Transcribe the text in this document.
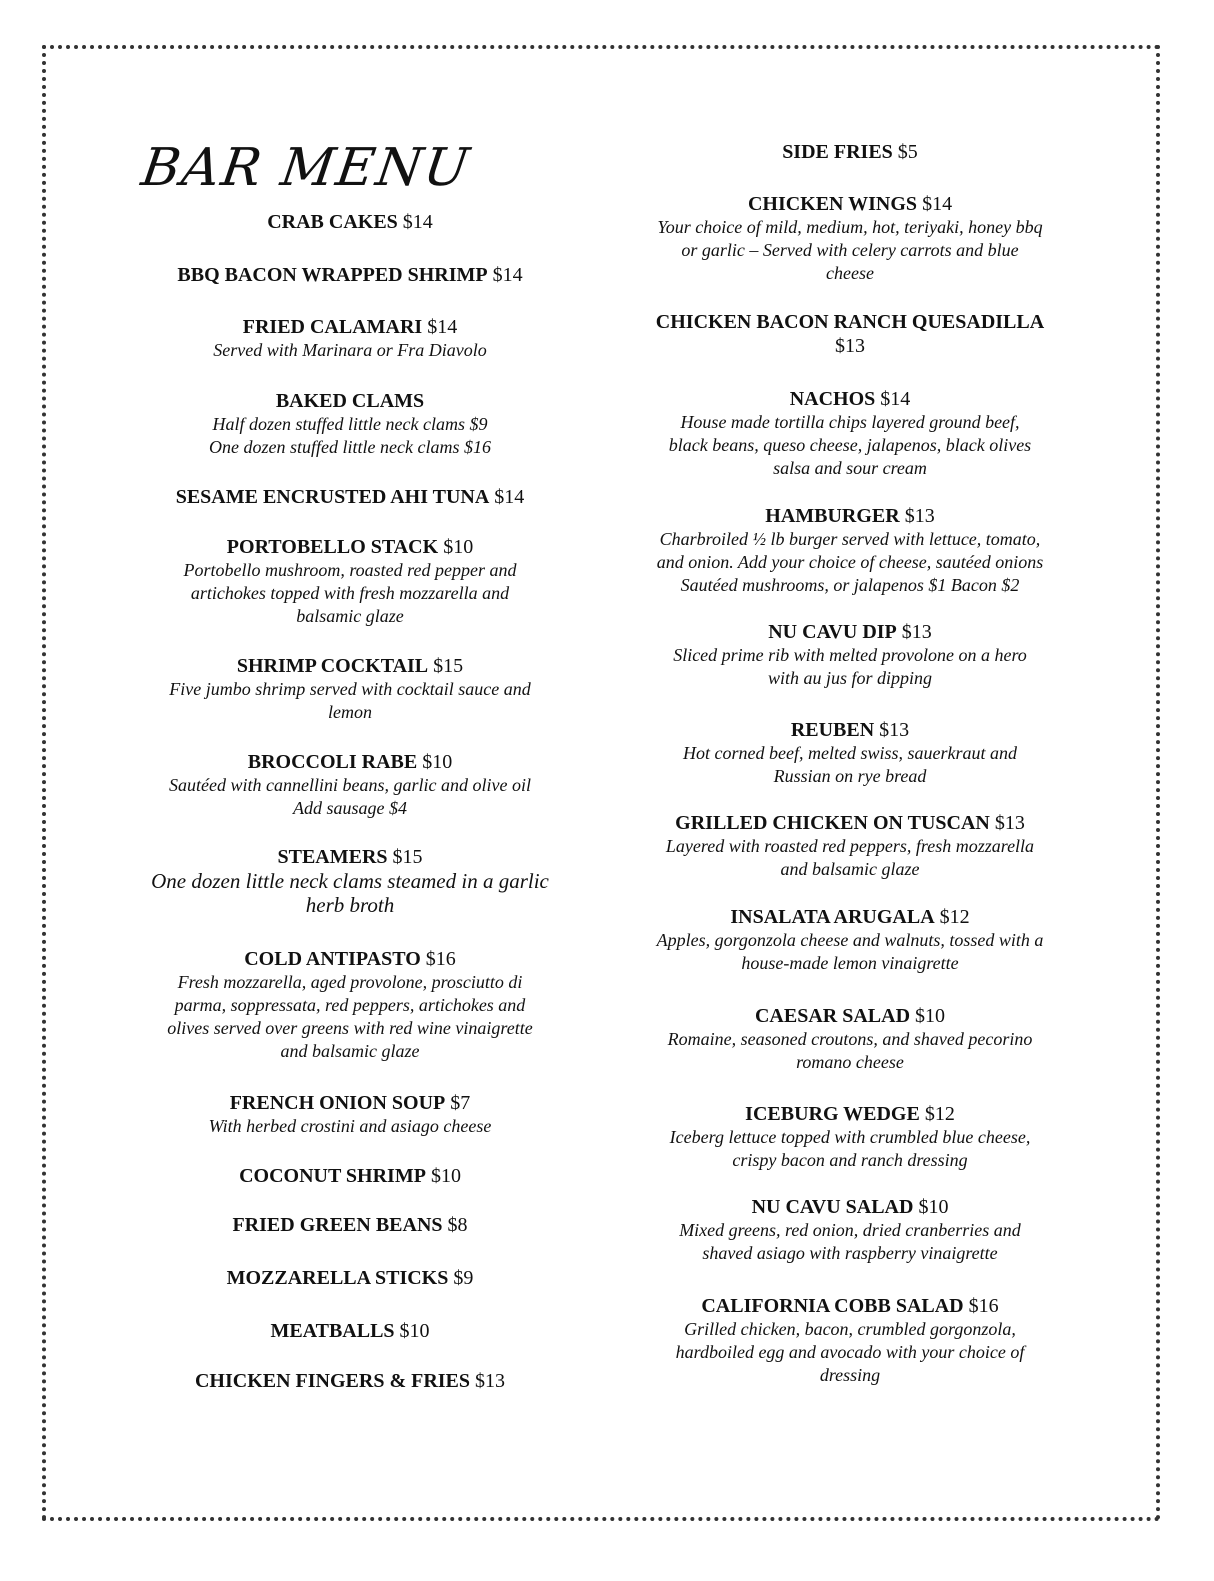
BAR MENU
CRAB CAKES $14
BBQ BACON WRAPPED SHRIMP $14
FRIED CALAMARI $14
Served with Marinara or Fra Diavolo
BAKED CLAMS
Half dozen stuffed little neck clams $9
One dozen stuffed little neck clams $16
SESAME ENCRUSTED AHI TUNA $14
PORTOBELLO STACK $10
Portobello mushroom, roasted red pepper and
artichokes topped with fresh mozzarella and
balsamic glaze
SHRIMP COCKTAIL $15
Five jumbo shrimp served with cocktail sauce and
lemon
BROCCOLI RABE $10
Sautéed with cannellini beans, garlic and olive oil
Add sausage $4
STEAMERS $15
One dozen little neck clams steamed in a garlic
herb broth
COLD ANTIPASTO $16
Fresh mozzarella, aged provolone, prosciutto di
parma, soppressata, red peppers, artichokes and
olives served over greens with red wine vinaigrette
and balsamic glaze
FRENCH ONION SOUP $7
With herbed crostini and asiago cheese
COCONUT SHRIMP $10
FRIED GREEN BEANS $8
MOZZARELLA STICKS $9
MEATBALLS $10
CHICKEN FINGERS & FRIES $13
SIDE FRIES $5
CHICKEN WINGS $14
Your choice of mild, medium, hot, teriyaki, honey bbq
or garlic – Served with celery carrots and blue
cheese
CHICKEN BACON RANCH QUESADILLA
$13
NACHOS $14
House made tortilla chips layered ground beef,
black beans, queso cheese, jalapenos, black olives
salsa and sour cream
HAMBURGER $13
Charbroiled ½ lb burger served with lettuce, tomato,
and onion. Add your choice of cheese, sautéed onions
Sautéed mushrooms, or jalapenos $1 Bacon $2
NU CAVU DIP $13
Sliced prime rib with melted provolone on a hero
with au jus for dipping
REUBEN $13
Hot corned beef, melted swiss, sauerkraut and
Russian on rye bread
GRILLED CHICKEN ON TUSCAN $13
Layered with roasted red peppers, fresh mozzarella
and balsamic glaze
INSALATA ARUGALA $12
Apples, gorgonzola cheese and walnuts, tossed with a
house-made lemon vinaigrette
CAESAR SALAD $10
Romaine, seasoned croutons, and shaved pecorino
romano cheese
ICEBURG WEDGE $12
Iceberg lettuce topped with crumbled blue cheese,
crispy bacon and ranch dressing
NU CAVU SALAD $10
Mixed greens, red onion, dried cranberries and
shaved asiago with raspberry vinaigrette
CALIFORNIA COBB SALAD $16
Grilled chicken, bacon, crumbled gorgonzola,
hardboiled egg and avocado with your choice of
dressing
